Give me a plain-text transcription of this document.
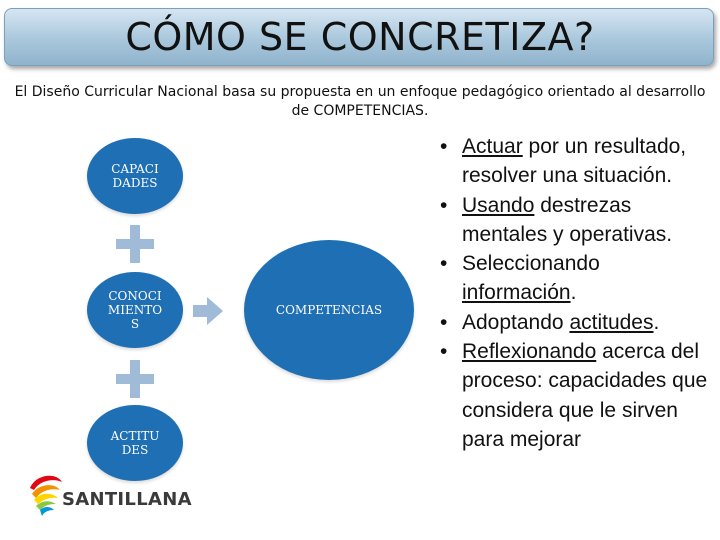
CÓMO SE CONCRETIZA?
El Diseño Curricular Nacional basa su propuesta en un enfoque pedagógico orientado al desarrollo de COMPETENCIAS.
CAPACI
DADES
CONOCI
MIENTO
S
ACTITU
DES
COMPETENCIAS
• Actuar por un resultado, resolver una situación.
• Usando destrezas mentales y operativas.
• Seleccionando información.
• Adoptando actitudes.
• Reflexionando acerca del proceso: capacidades que considera que le sirven para mejorar
SANTILLANA
